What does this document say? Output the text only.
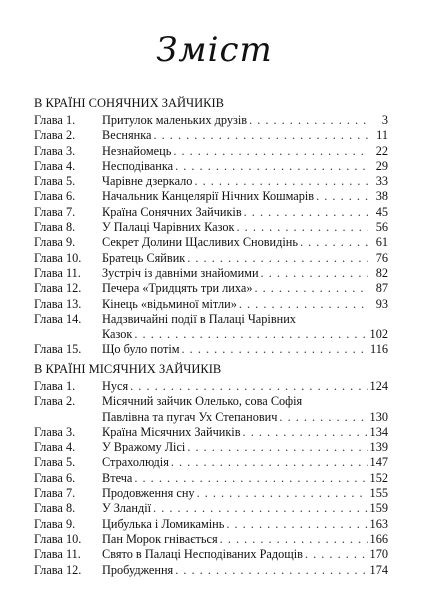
Зміст
В КРАЇНІ СОНЯЧНИХ ЗАЙЧИКІВ
Глава 1.	Притулок маленьких друзів . . .	3
Глава 2.	Веснянка . . .	11
Глава 3.	Незнайомець . . .	22
Глава 4.	Несподіванка . . .	29
Глава 5.	Чарівне дзеркало . . .	33
Глава 6.	Начальник Канцелярії Нічних Кошмарів . . .	38
Глава 7.	Країна Сонячних Зайчиків . . .	45
Глава 8.	У Палаці Чарівних Казок . . .	56
Глава 9.	Секрет Долини Щасливих Сновидінь . . .	61
Глава 10.	Братець Сяйвик . . .	76
Глава 11.	Зустріч із давніми знайомими . . .	82
Глава 12.	Печера «Тридцять три лиха» . . .	87
Глава 13.	Кінець «відьминої мітли» . . .	93
Глава 14.	Надзвичайні події в Палаці Чарівних
Казок . . .	102
Глава 15.	Що було потім . . .	116
В КРАЇНІ МІСЯЧНИХ ЗАЙЧИКІВ
Глава 1.	Нуся . . .	124
Глава 2.	Місячний зайчик Олелько, сова Софія
Павлівна та пугач Ух Степанович . . .	130
Глава 3.	Країна Місячних Зайчиків . . .	134
Глава 4.	У Вражому Лісі . . .	139
Глава 5.	Страхолюдія . . .	147
Глава 6.	Втеча . . .	152
Глава 7.	Продовження сну . . .	155
Глава 8.	У Зландії . . .	159
Глава 9.	Цибулька і Ломикамінь . . .	163
Глава 10.	Пан Морок гнівається . . .	166
Глава 11.	Свято в Палаці Несподіваних Радощів . . .	170
Глава 12.	Пробудження . . .	174
